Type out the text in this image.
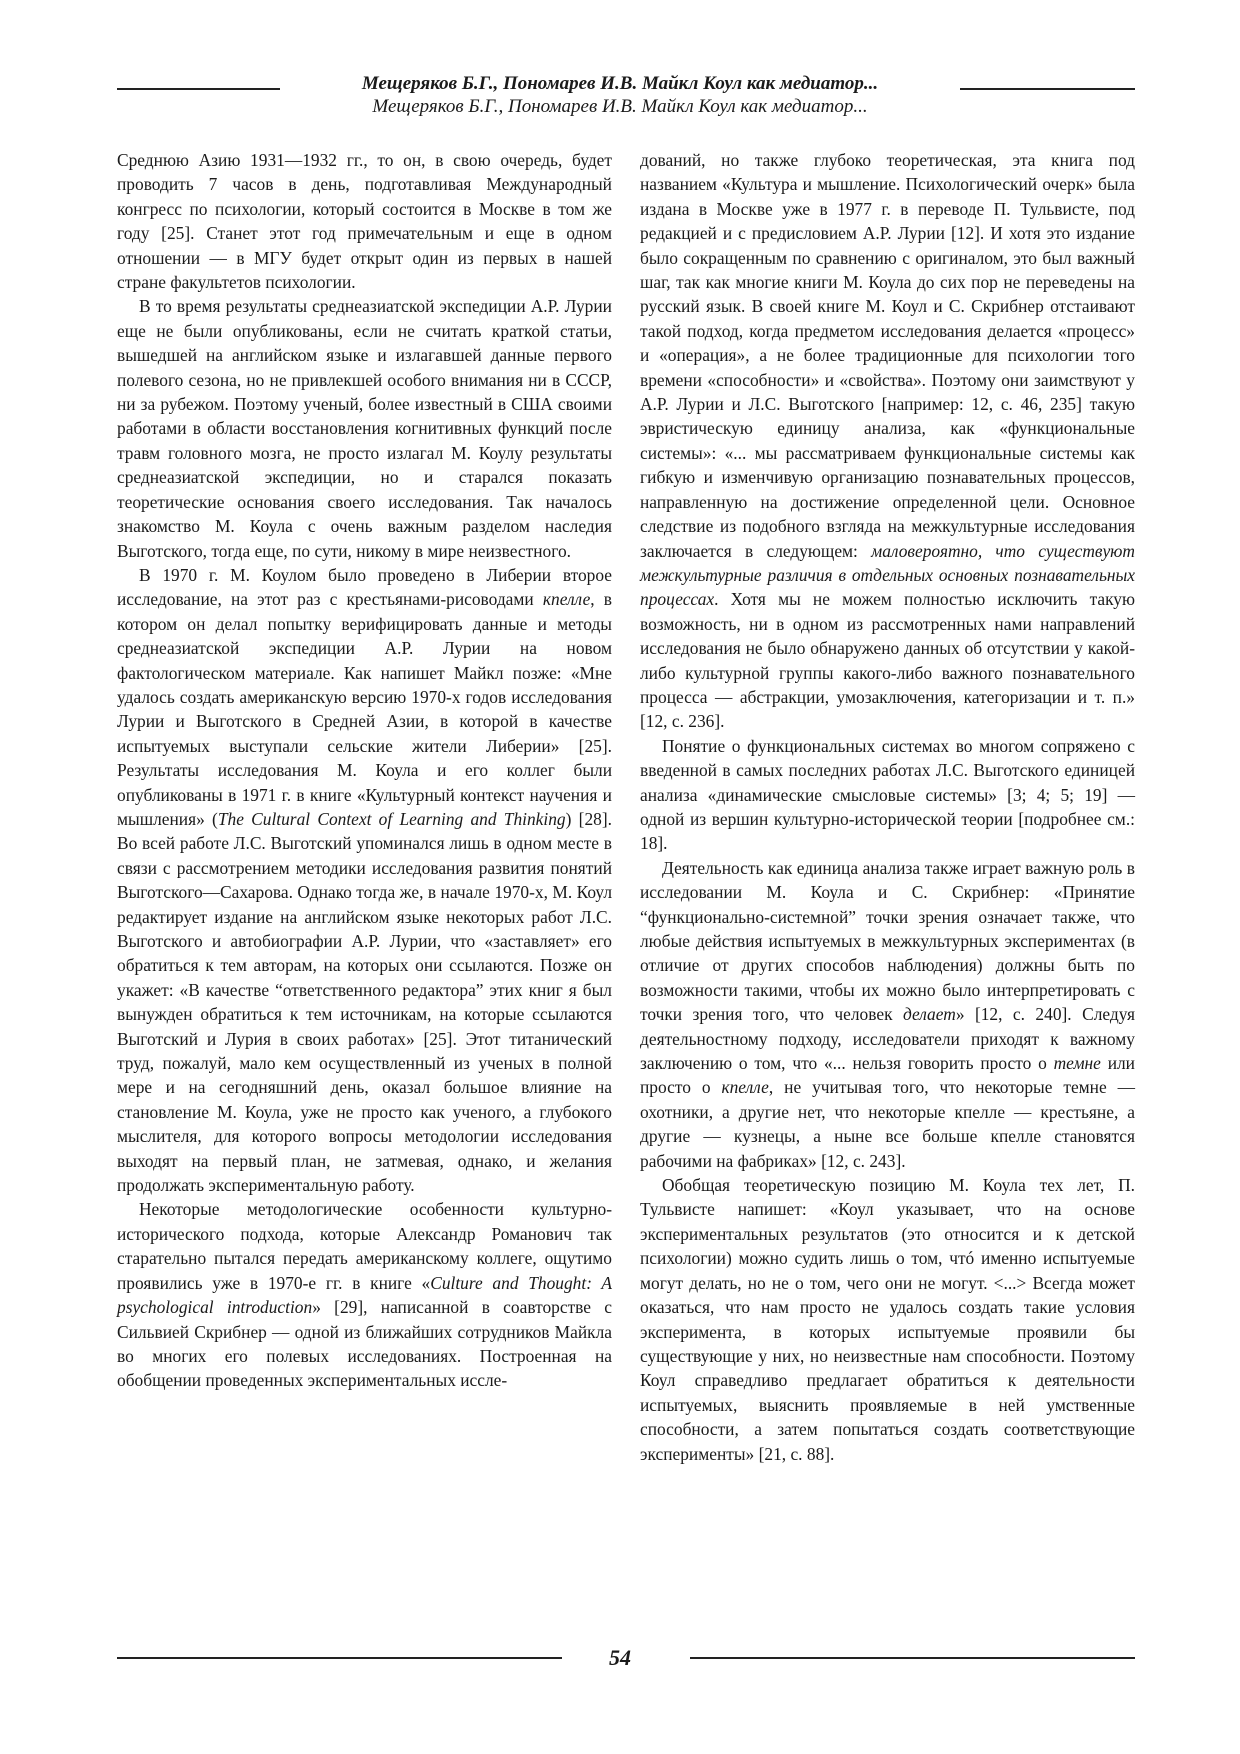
Мещеряков Б.Г., Пономарев И.В. Майкл Коул как медиатор...
Мещеряков Б.Г., Пономарев И.В. Майкл Коул как медиатор...

Среднюю Азию 1931—1932 гг., то он, в свою очередь, будет проводить 7 часов в день, подготавливая Международный конгресс по психологии, который состоится в Москве в том же году [25]. Станет этот год примечательным и еще в одном отношении — в МГУ будет открыт один из первых в нашей стране факультетов психологии.

В то время результаты среднеазиатской экспедиции А.Р. Лурии еще не были опубликованы, если не считать краткой статьи, вышедшей на английском языке и излагавшей данные первого полевого сезона, но не привлекшей особого внимания ни в СССР, ни за рубежом. Поэтому ученый, более известный в США своими работами в области восстановления когнитивных функций после травм головного мозга, не просто излагал М. Коулу результаты среднеазиатской экспедиции, но и старался показать теоретические основания своего исследования. Так началось знакомство М. Коула с очень важным разделом наследия Выготского, тогда еще, по сути, никому в мире неизвестного.

В 1970 г. М. Коулом было проведено в Либерии второе исследование, на этот раз с крестьянами-рисоводами кпелле, в котором он делал попытку верифицировать данные и методы среднеазиатской экспедиции А.Р. Лурии на новом фактологическом материале. Как напишет Майкл позже: «Мне удалось создать американскую версию 1970-х годов исследования Лурии и Выготского в Средней Азии, в которой в качестве испытуемых выступали сельские жители Либерии» [25]. Результаты исследования М. Коула и его коллег были опубликованы в 1971 г. в книге «Культурный контекст научения и мышления» (The Cultural Context of Learning and Thinking) [28]. Во всей работе Л.С. Выготский упоминался лишь в одном месте в связи с рассмотрением методики исследования развития понятий Выготского—Сахарова. Однако тогда же, в начале 1970-х, М. Коул редактирует издание на английском языке некоторых работ Л.С. Выготского и автобиографии А.Р. Лурии, что «заставляет» его обратиться к тем авторам, на которых они ссылаются. Позже он укажет: «В качестве “ответственного редактора” этих книг я был вынужден обратиться к тем источникам, на которые ссылаются Выготский и Лурия в своих работах» [25]. Этот титанический труд, пожалуй, мало кем осуществленный из ученых в полной мере и на сегодняшний день, оказал большое влияние на становление М. Коула, уже не просто как ученого, а глубокого мыслителя, для которого вопросы методологии исследования выходят на первый план, не затмевая, однако, и желания продолжать экспериментальную работу.

Некоторые методологические особенности культурно-исторического подхода, которые Александр Романович так старательно пытался передать американскому коллеге, ощутимо проявились уже в 1970-е гг. в книге «Culture and Thought: A psychological introduction» [29], написанной в соавторстве с Сильвией Скрибнер — одной из ближайших сотрудников Майкла во многих его полевых исследованиях. Построенная на обобщении проведенных экспериментальных иссле-

дований, но также глубоко теоретическая, эта книга под названием «Культура и мышление. Психологический очерк» была издана в Москве уже в 1977 г. в переводе П. Тульвисте, под редакцией и с предисловием А.Р. Лурии [12]. И хотя это издание было сокращенным по сравнению с оригиналом, это был важный шаг, так как многие книги М. Коула до сих пор не переведены на русский язык. В своей книге М. Коул и С. Скрибнер отстаивают такой подход, когда предметом исследования делается «процесс» и «операция», а не более традиционные для психологии того времени «способности» и «свойства». Поэтому они заимствуют у А.Р. Лурии и Л.С. Выготского [например: 12, с. 46, 235] такую эвристическую единицу анализа, как «функциональные системы»: «... мы рассматриваем функциональные системы как гибкую и изменчивую организацию познавательных процессов, направленную на достижение определенной цели. Основное следствие из подобного взгляда на межкультурные исследования заключается в следующем: маловероятно, что существуют межкультурные различия в отдельных основных познавательных процессах. Хотя мы не можем полностью исключить такую возможность, ни в одном из рассмотренных нами направлений исследования не было обнаружено данных об отсутствии у какой-либо культурной группы какого-либо важного познавательного процесса — абстракции, умозаключения, категоризации и т. п.» [12, с. 236].

Понятие о функциональных системах во многом сопряжено с введенной в самых последних работах Л.С. Выготского единицей анализа «динамические смысловые системы» [3; 4; 5; 19] — одной из вершин культурно-исторической теории [подробнее см.: 18].

Деятельность как единица анализа также играет важную роль в исследовании М. Коула и С. Скрибнер: «Принятие “функционально-системной” точки зрения означает также, что любые действия испытуемых в межкультурных экспериментах (в отличие от других способов наблюдения) должны быть по возможности такими, чтобы их можно было интерпретировать с точки зрения того, что человек делает» [12, с. 240]. Следуя деятельностному подходу, исследователи приходят к важному заключению о том, что «... нельзя говорить просто о темне или просто о кпелле, не учитывая того, что некоторые темне — охотники, а другие нет, что некоторые кпелле — крестьяне, а другие — кузнецы, а ныне все больше кпелле становятся рабочими на фабриках» [12, с. 243].

Обобщая теоретическую позицию М. Коула тех лет, П. Тульвисте напишет: «Коул указывает, что на основе экспериментальных результатов (это относится и к детской психологии) можно судить лишь о том, чтó именно испытуемые могут делать, но не о том, чего они не могут. <...> Всегда может оказаться, что нам просто не удалось создать такие условия эксперимента, в которых испытуемые проявили бы существующие у них, но неизвестные нам способности. Поэтому Коул справедливо предлагает обратиться к деятельности испытуемых, выяснить проявляемые в ней умственные способности, а затем попытаться создать соответствующие эксперименты» [21, с. 88].

54
